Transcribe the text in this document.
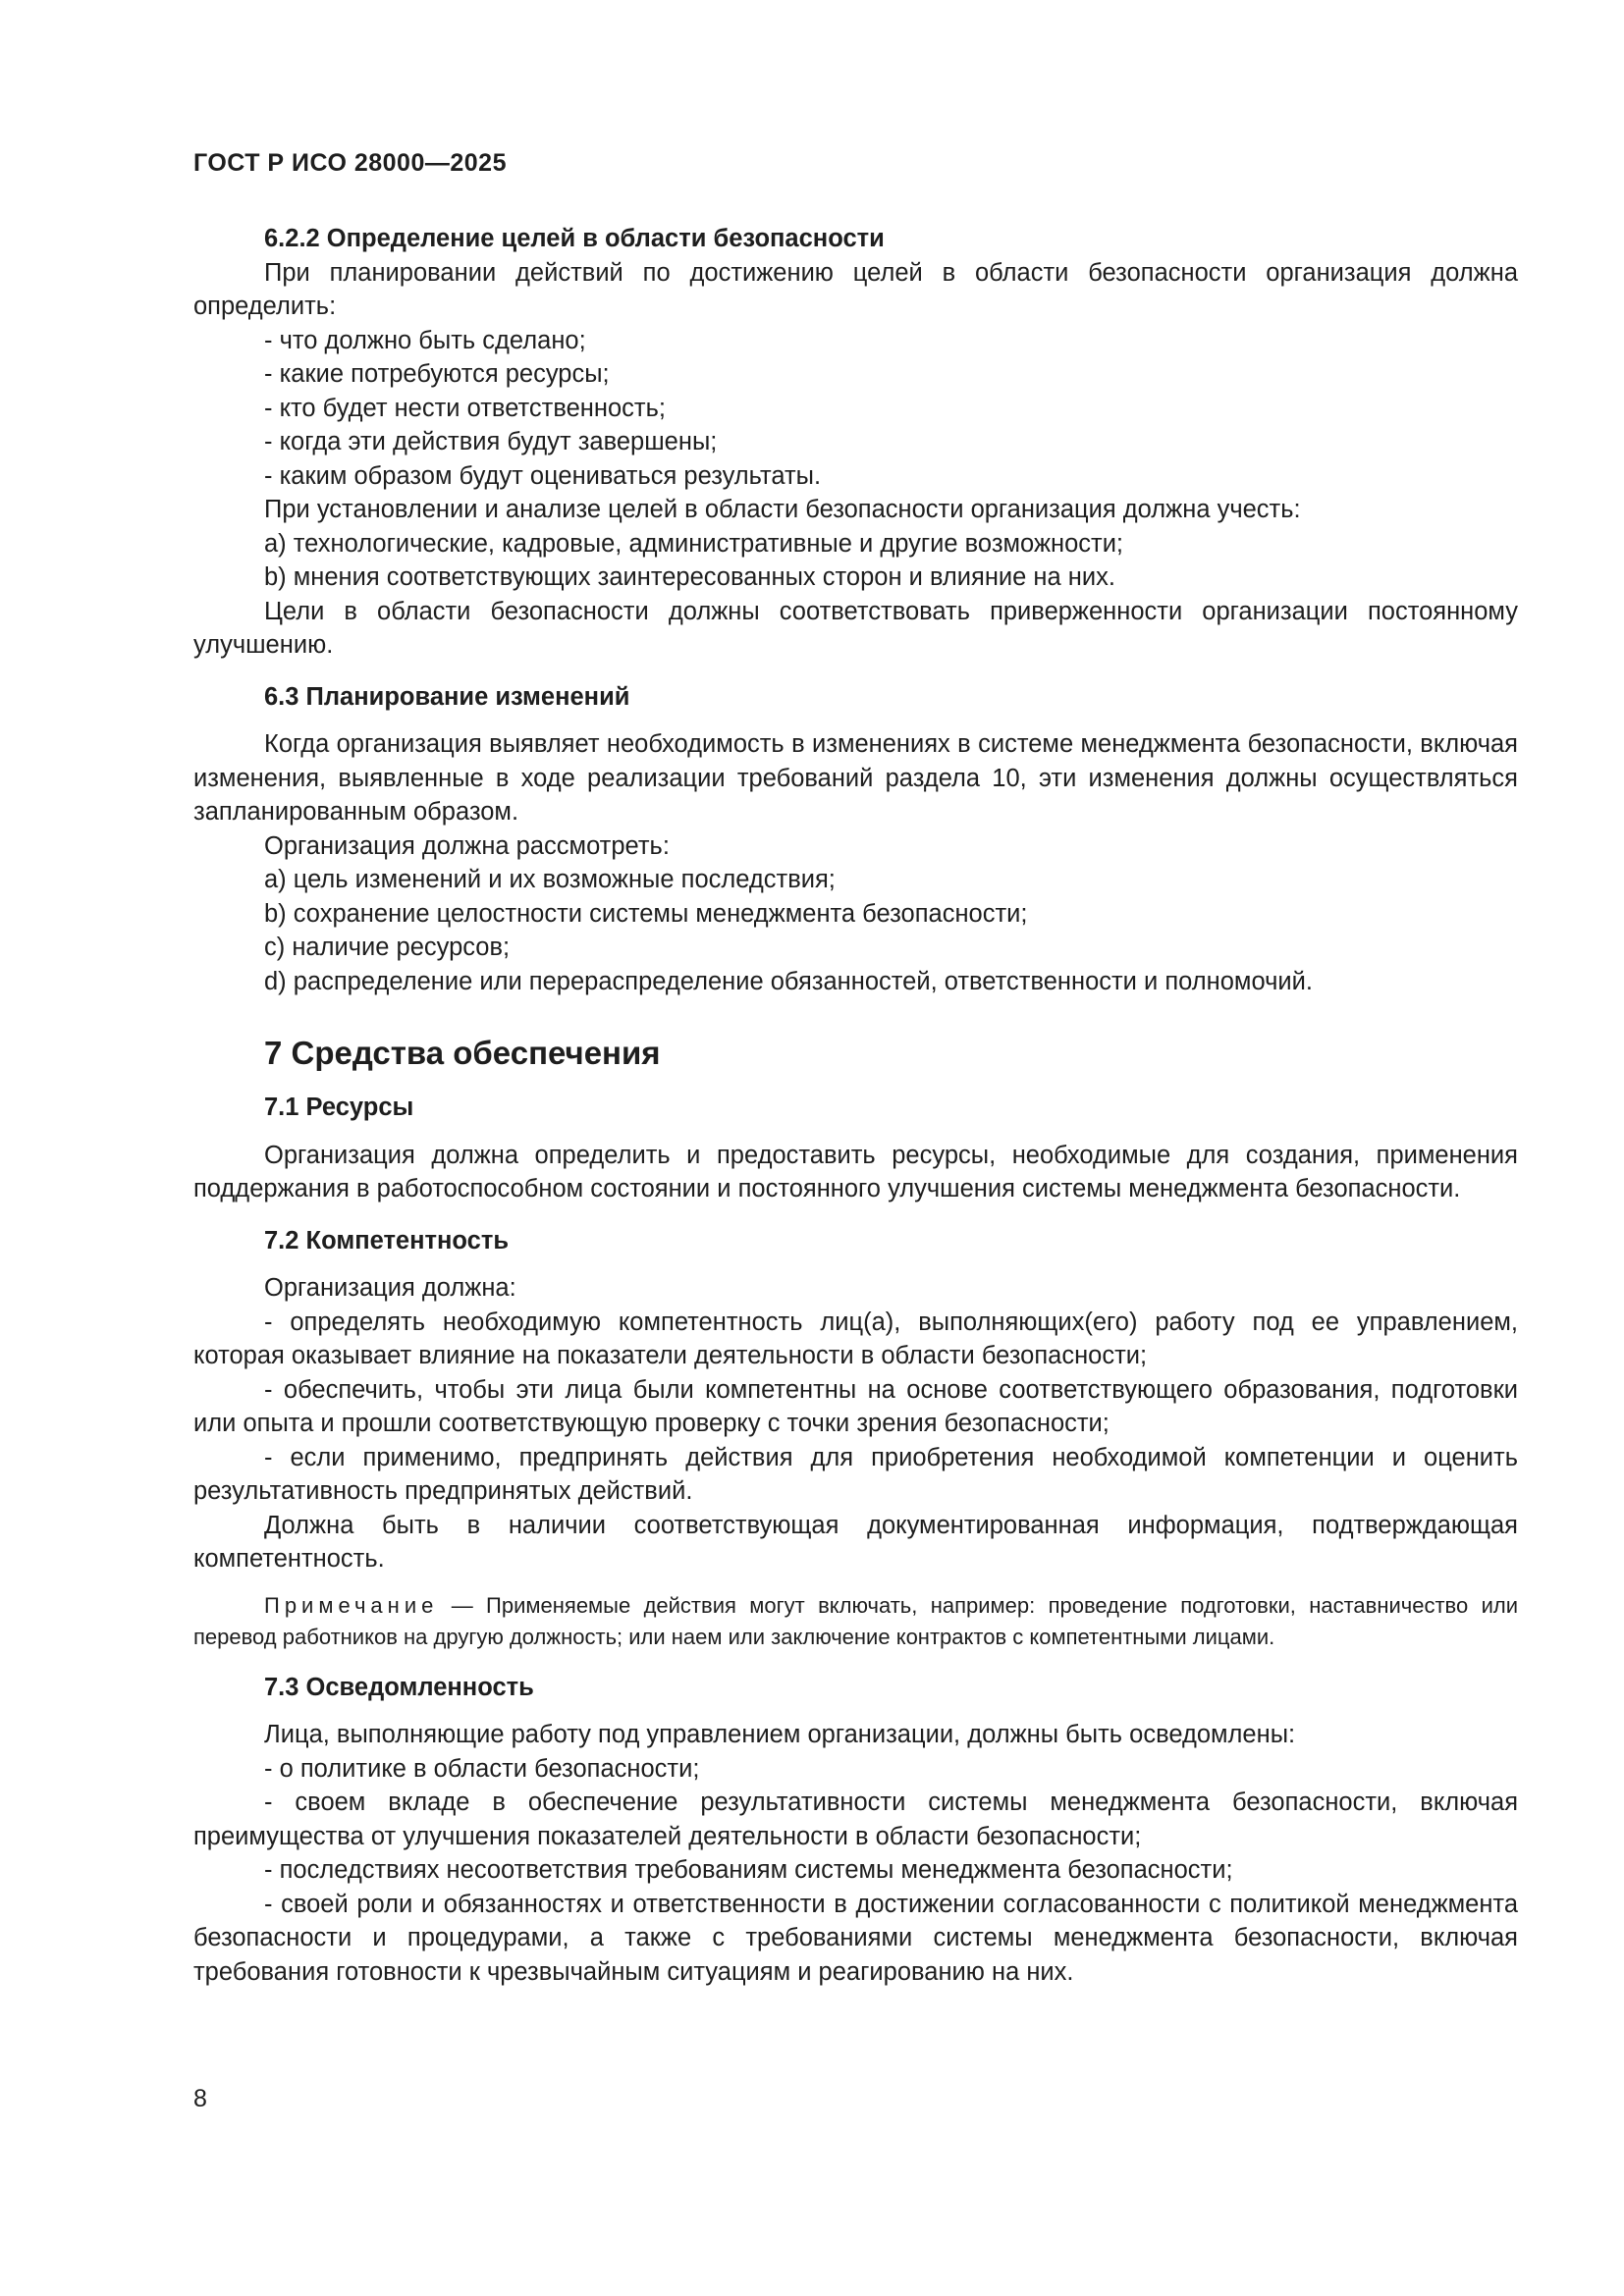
ГОСТ Р ИСО 28000—2025

6.2.2 Определение целей в области безопасности

При планировании действий по достижению целей в области безопасности организация должна определить:

- что должно быть сделано;

- какие потребуются ресурсы;

- кто будет нести ответственность;

- когда эти действия будут завершены;

- каким образом будут оцениваться результаты.

При установлении и анализе целей в области безопасности организация должна учесть:

a) технологические, кадровые, административные и другие возможности;

b) мнения соответствующих заинтересованных сторон и влияние на них.

Цели в области безопасности должны соответствовать приверженности организации постоянному улучшению.

6.3 Планирование изменений

Когда организация выявляет необходимость в изменениях в системе менеджмента безопасности, включая изменения, выявленные в ходе реализации требований раздела 10, эти изменения должны осуществляться запланированным образом.

Организация должна рассмотреть:

a) цель изменений и их возможные последствия;

b) сохранение целостности системы менеджмента безопасности;

c) наличие ресурсов;

d) распределение или перераспределение обязанностей, ответственности и полномочий.

7 Средства обеспечения

7.1 Ресурсы

Организация должна определить и предоставить ресурсы, необходимые для создания, применения поддержания в работоспособном состоянии и постоянного улучшения системы менеджмента безопасности.

7.2 Компетентность

Организация должна:

- определять необходимую компетентность лиц(а), выполняющих(его) работу под ее управлением, которая оказывает влияние на показатели деятельности в области безопасности;

- обеспечить, чтобы эти лица были компетентны на основе соответствующего образования, подготовки или опыта и прошли соответствующую проверку с точки зрения безопасности;

- если применимо, предпринять действия для приобретения необходимой компетенции и оценить результативность предпринятых действий.

Должна быть в наличии соответствующая документированная информация, подтверждающая компетентность.

Примечание — Применяемые действия могут включать, например: проведение подготовки, наставничество или перевод работников на другую должность; или наем или заключение контрактов с компетентными лицами.

7.3 Осведомленность

Лица, выполняющие работу под управлением организации, должны быть осведомлены:

- о политике в области безопасности;

- своем вкладе в обеспечение результативности системы менеджмента безопасности, включая преимущества от улучшения показателей деятельности в области безопасности;

- последствиях несоответствия требованиям системы менеджмента безопасности;

- своей роли и обязанностях и ответственности в достижении согласованности с политикой менеджмента безопасности и процедурами, а также с требованиями системы менеджмента безопасности, включая требования готовности к чрезвычайным ситуациям и реагированию на них.

8
